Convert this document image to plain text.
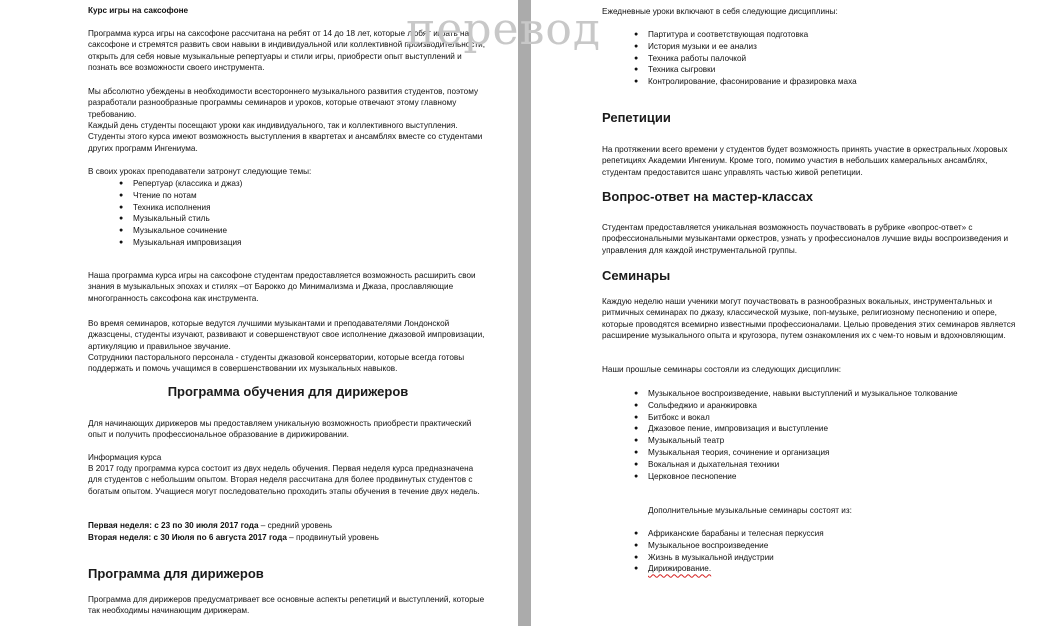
Курс игры на саксофоне

Программа курса игры на саксофоне рассчитана на ребят от 14 до 18 лет, которые любят играть на саксофоне и стремятся развить свои навыки в индивидуальной или коллективной производительности, открыть для себя новые музыкальные репертуары и стили игры, приобрести опыт выступлений и познать все возможности своего инструмента.

Мы абсолютно убеждены в необходимости всестороннего музыкального развития студентов, поэтому разработали разнообразные программы семинаров и уроков, которые отвечают этому главному требованию.

Каждый день студенты посещают уроки как индивидуального, так и коллективного выступления. Студенты этого курса имеют возможность выступления в квартетах и ансамблях вместе со студентами других программ Ингениума.

В своих уроках преподаватели затронут следующие темы:

● Репертуар (классика и джаз)
● Чтение по нотам
● Техника исполнения
● Музыкальный стиль
● Музыкальное сочинение
● Музыкальная импровизация

Наша программа курса игры на саксофоне студентам предоставляется возможность расширить свои знания в музыкальных эпохах и стилях –от Барокко до Минимализма и Джаза, прославляющие многогранность саксофона как инструмента.

Во время семинаров, которые ведутся лучшими музыкантами и преподавателями Лондонской джазсцены, студенты изучают, развивают и совершенствуют свое исполнение джазовой импровизации, артикуляцию и правильное звучание.

Сотрудники пасторального персонала - студенты джазовой консерватории, которые всегда готовы поддержать и помочь учащимся в совершенствовании их музыкальных навыков.

Программа обучения для дирижеров

Для начинающих дирижеров мы предоставляем уникальную возможность приобрести практический опыт и получить профессиональное образование в дирижировании.

Информация курса

В 2017 году программа курса состоит из двух недель обучения. Первая неделя курса предназначена для студентов с небольшим опытом. Вторая неделя рассчитана для более продвинутых студентов с богатым опытом. Учащиеся могут последовательно проходить этапы обучения в течение двух недель.

Первая неделя: с 23 по 30 июля 2017 года – средний уровень

Вторая неделя: с 30 Июля по 6 августа 2017 года – продвинутый уровень

Программа для дирижеров

Программа для дирижеров предусматривает все основные аспекты репетиций и выступлений, которые так необходимы начинающим дирижерам.

Ежедневные уроки включают в себя следующие дисциплины:

● Партитура и соответствующая подготовка
● История музыки и ее анализ
● Техника работы палочкой
● Техника сыгровки
● Контролирование, фасонирование и фразировка маха

Репетиции

На протяжении всего времени у студентов будет возможность принять участие в оркестральных /хоровых репетициях Академии Ингениум. Кроме того, помимо участия в небольших камеральных ансамблях, студентам предоставится шанс управлять частью живой репетиции.

Вопрос-ответ на мастер-классах

Студентам предоставляется уникальная возможность поучаствовать в рубрике «вопрос-ответ» с профессиональными музыкантами оркестров, узнать у профессионалов лучшие виды воспроизведения и управления для каждой инструментальной группы.

Семинары

Каждую неделю наши ученики могут поучаствовать в разнообразных вокальных, инструментальных и ритмичных семинарах по джазу, классической музыке, поп-музыке, религиозному песнопению и опере, которые проводятся всемирно известными профессионалами. Целью проведения этих семинаров является расширение музыкального опыта и кругозора, путем ознакомления их с чем-то новым и вдохновляющим.

Наши прошлые семинары состояли из следующих дисциплин:

● Музыкальное воспроизведение, навыки выступлений и музыкальное толкование
● Сольфеджио и аранжировка
● Битбокс и вокал
● Джазовое пение, импровизация и выступление
● Музыкальный театр
● Музыкальная теория, сочинение и организация
● Вокальная и дыхательная техники
● Церковное песнопение

Дополнительные музыкальные семинары состоят из:

● Африканские барабаны и телесная перкуссия
● Музыкальное воспроизведение
● Жизнь в музыкальной индустрии
● Дирижирование.
перевод
